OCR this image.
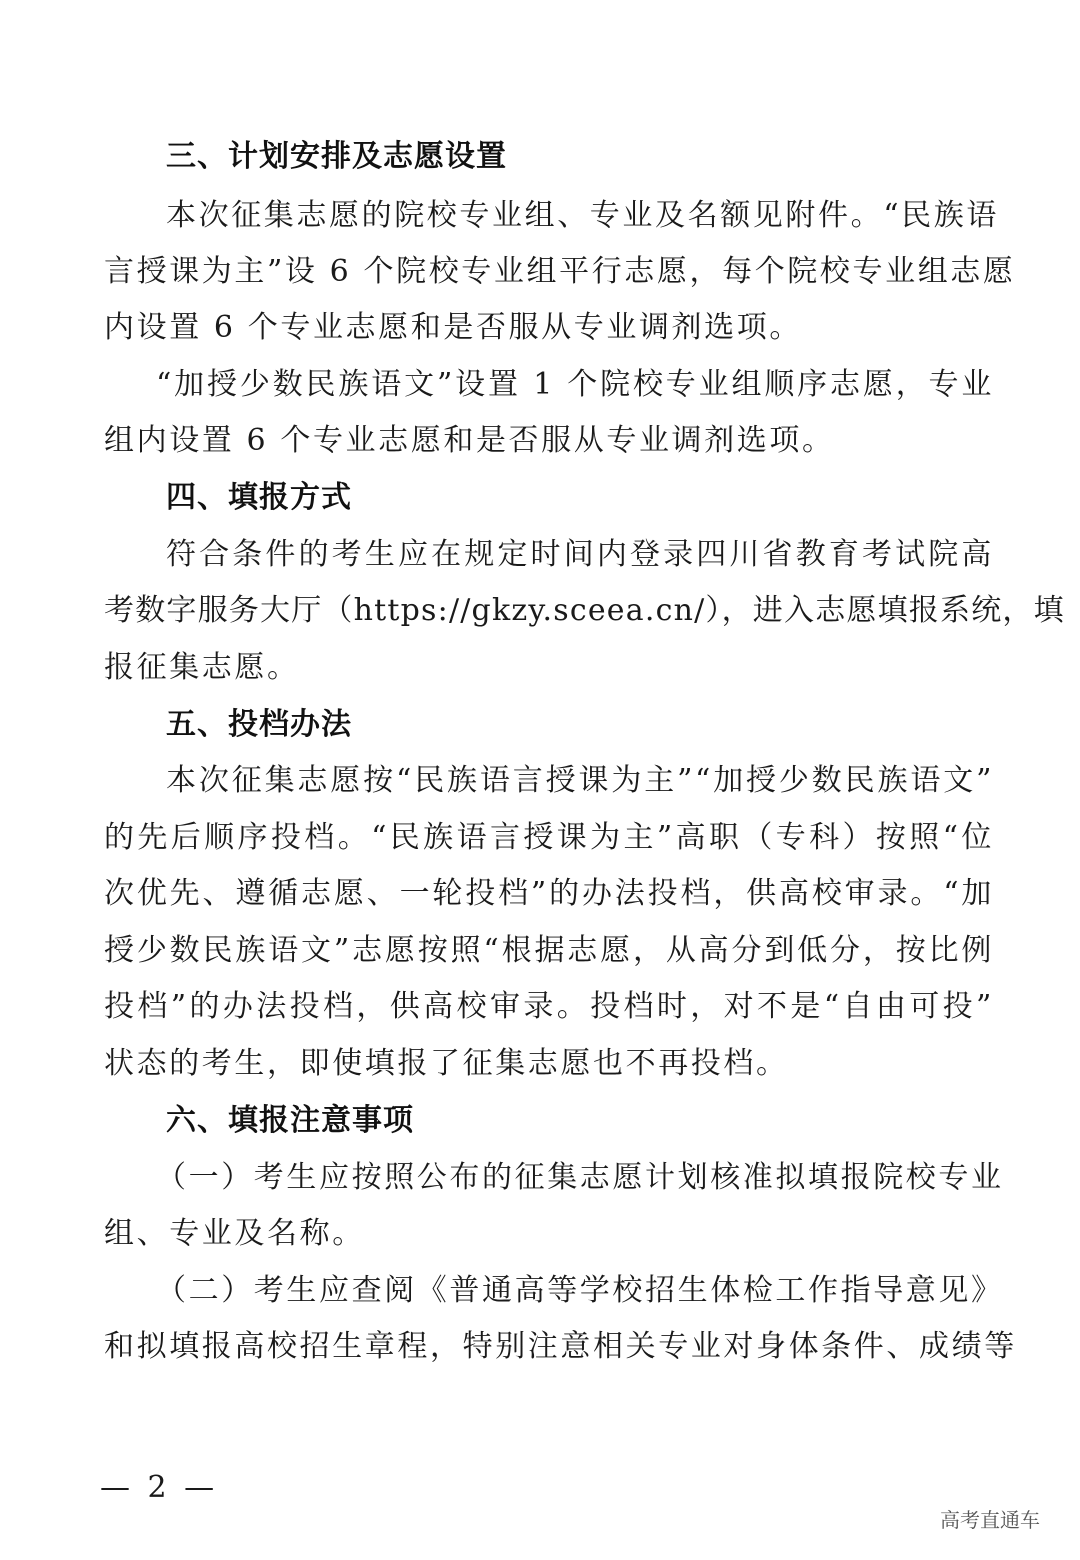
三、计划安排及志愿设置
本次征集志愿的院校专业组、专业及名额见附件。“民族语
言授课为主”设 6 个院校专业组平行志愿，每个院校专业组志愿
内设置 6 个专业志愿和是否服从专业调剂选项。
“加授少数民族语文”设置 1 个院校专业组顺序志愿，专业
组内设置 6 个专业志愿和是否服从专业调剂选项。
四、填报方式
符合条件的考生应在规定时间内登录四川省教育考试院高
考数字服务大厅（https://gkzy.sceea.cn/），进入志愿填报系统，填
报征集志愿。
五、投档办法
本次征集志愿按“民族语言授课为主”“加授少数民族语文”
的先后顺序投档。“民族语言授课为主”高职（专科）按照“位
次优先、遵循志愿、一轮投档”的办法投档，供高校审录。“加
授少数民族语文”志愿按照“根据志愿，从高分到低分，按比例
投档”的办法投档，供高校审录。投档时，对不是“自由可投”
状态的考生，即使填报了征集志愿也不再投档。
六、填报注意事项
（一）考生应按照公布的征集志愿计划核准拟填报院校专业
组、专业及名称。
（二）考生应查阅《普通高等学校招生体检工作指导意见》
和拟填报高校招生章程，特别注意相关专业对身体条件、成绩等
— 2 —
高考直通车
